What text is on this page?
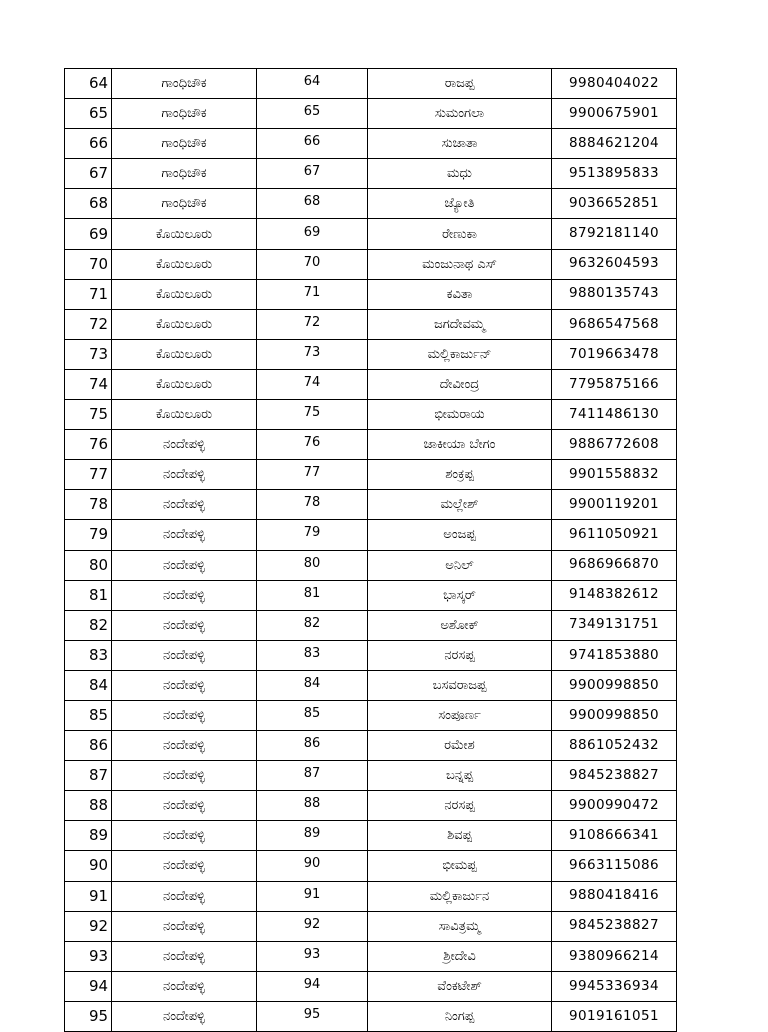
64	ಗಾಂಧಿಚೌಕ	64	ರಾಜಪ್ಪ	9980404022
65	ಗಾಂಧಿಚೌಕ	65	ಸುಮಂಗಲಾ	9900675901
66	ಗಾಂಧಿಚೌಕ	66	ಸುಜಾತಾ	8884621204
67	ಗಾಂಧಿಚೌಕ	67	ಮಧು	9513895833
68	ಗಾಂಧಿಚೌಕ	68	ಜ್ಯೋತಿ	9036652851
69	ಕೊಯಿಲೂರು	69	ರೇಣುಕಾ	8792181140
70	ಕೊಯಿಲೂರು	70	ಮಂಜುನಾಥ ಎಸ್	9632604593
71	ಕೊಯಿಲೂರು	71	ಕವಿತಾ	9880135743
72	ಕೊಯಿಲೂರು	72	ಜಗದೇವಮ್ಮ	9686547568
73	ಕೊಯಿಲೂರು	73	ಮಲ್ಲಿಕಾರ್ಜುನ್	7019663478
74	ಕೊಯಿಲೂರು	74	ದೇವೀಂದ್ರ	7795875166
75	ಕೊಯಿಲೂರು	75	ಭೀಮರಾಯ	7411486130
76	ನಂದೇಪಳ್ಳಿ	76	ಜಾಕೀಯಾ ಬೇಗಂ	9886772608
77	ನಂದೇಪಳ್ಳಿ	77	ಶಂಕ್ರಪ್ಪ	9901558832
78	ನಂದೇಪಳ್ಳಿ	78	ಮಲ್ಲೇಶ್	9900119201
79	ನಂದೇಪಳ್ಳಿ	79	ಅಂಜಪ್ಪ	9611050921
80	ನಂದೇಪಳ್ಳಿ	80	ಅನಿಲ್	9686966870
81	ನಂದೇಪಳ್ಳಿ	81	ಭಾಸ್ಕರ್	9148382612
82	ನಂದೇಪಳ್ಳಿ	82	ಅಶೋಕ್	7349131751
83	ನಂದೇಪಳ್ಳಿ	83	ನರಸಪ್ಪ	9741853880
84	ನಂದೇಪಳ್ಳಿ	84	ಬಸವರಾಜಪ್ಪ	9900998850
85	ನಂದೇಪಳ್ಳಿ	85	ಸಂಪೂರ್ಣ	9900998850
86	ನಂದೇಪಳ್ಳಿ	86	ರಮೇಶ	8861052432
87	ನಂದೇಪಳ್ಳಿ	87	ಬನ್ನಪ್ಪ	9845238827
88	ನಂದೇಪಳ್ಳಿ	88	ನರಸಪ್ಪ	9900990472
89	ನಂದೇಪಳ್ಳಿ	89	ಶಿವಪ್ಪ	9108666341
90	ನಂದೇಪಳ್ಳಿ	90	ಭೀಮಪ್ಪ	9663115086
91	ನಂದೇಪಳ್ಳಿ	91	ಮಲ್ಲಿಕಾರ್ಜುನ	9880418416
92	ನಂದೇಪಳ್ಳಿ	92	ಸಾವಿತ್ರಮ್ಮ	9845238827
93	ನಂದೇಪಳ್ಳಿ	93	ಶ್ರೀದೇವಿ	9380966214
94	ನಂದೇಪಳ್ಳಿ	94	ವೆಂಕಟೇಶ್	9945336934
95	ನಂದೇಪಳ್ಳಿ	95	ನಿಂಗಪ್ಪ	9019161051
